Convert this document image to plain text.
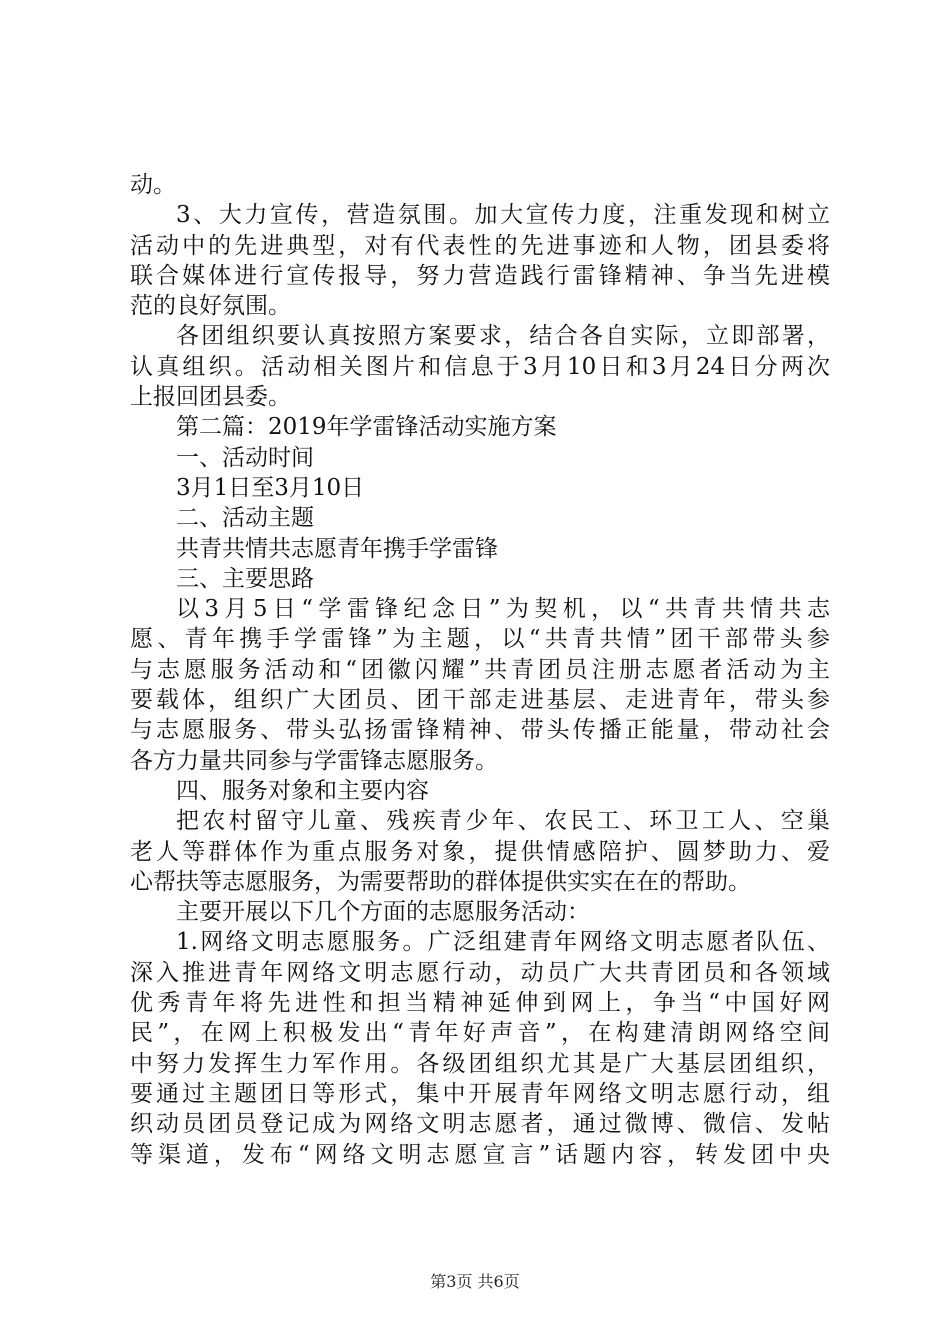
动。
3、大力宣传，营造氛围。加大宣传力度，注重发现和树立
活动中的先进典型，对有代表性的先进事迹和人物，团县委将
联合媒体进行宣传报导，努力营造践行雷锋精神、争当先进模
范的良好氛围。
各团组织要认真按照方案要求，结合各自实际，立即部署，
认真组织。活动相关图片和信息于3月10日和3月24日分两次
上报回团县委。
第二篇：2019年学雷锋活动实施方案
一、活动时间
3月1日至3月10日
二、活动主题
共青共情共志愿青年携手学雷锋
三、主要思路
以3月5日“学雷锋纪念日”为契机，以“共青共情共志
愿、青年携手学雷锋”为主题，以“共青共情”团干部带头参
与志愿服务活动和“团徽闪耀”共青团员注册志愿者活动为主
要载体，组织广大团员、团干部走进基层、走进青年，带头参
与志愿服务、带头弘扬雷锋精神、带头传播正能量，带动社会
各方力量共同参与学雷锋志愿服务。
四、服务对象和主要内容
把农村留守儿童、残疾青少年、农民工、环卫工人、空巢
老人等群体作为重点服务对象，提供情感陪护、圆梦助力、爱
心帮扶等志愿服务，为需要帮助的群体提供实实在在的帮助。
主要开展以下几个方面的志愿服务活动：
1.网络文明志愿服务。广泛组建青年网络文明志愿者队伍、
深入推进青年网络文明志愿行动，动员广大共青团员和各领域
优秀青年将先进性和担当精神延伸到网上，争当“中国好网
民”，在网上积极发出“青年好声音”，在构建清朗网络空间
中努力发挥生力军作用。各级团组织尤其是广大基层团组织，
要通过主题团日等形式，集中开展青年网络文明志愿行动，组
织动员团员登记成为网络文明志愿者，通过微博、微信、发帖
等渠道，发布“网络文明志愿宣言”话题内容，转发团中央
第3页 共6页
